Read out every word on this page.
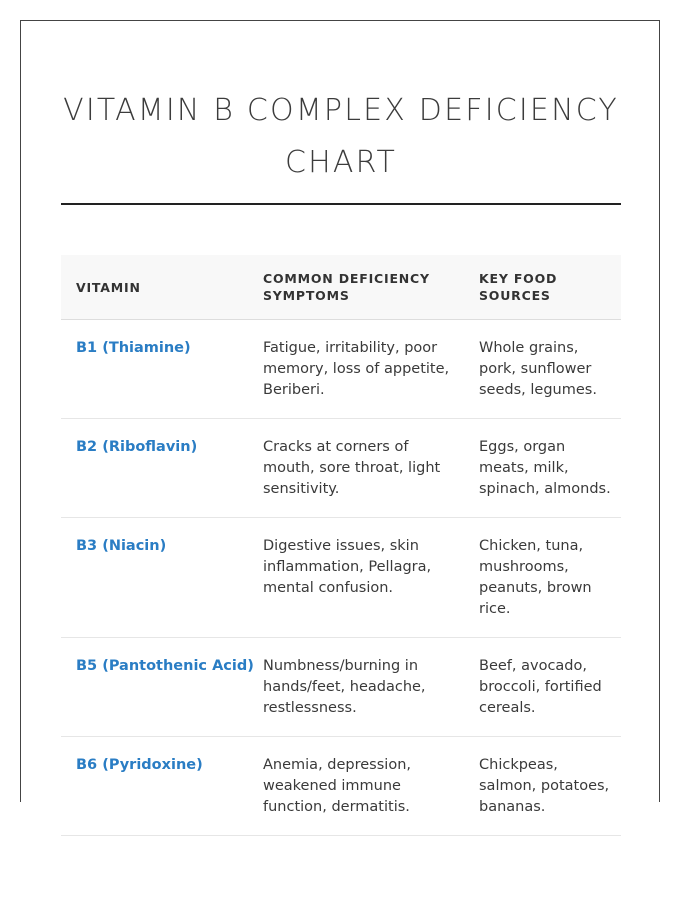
VITAMIN B COMPLEX DEFICIENCY CHART
VITAMIN	COMMON DEFICIENCY SYMPTOMS	KEY FOOD SOURCES
B1 (Thiamine)	Fatigue, irritability, poor memory, loss of appetite, Beriberi.	Whole grains, pork, sunflower seeds, legumes.
B2 (Riboflavin)	Cracks at corners of mouth, sore throat, light sensitivity.	Eggs, organ meats, milk, spinach, almonds.
B3 (Niacin)	Digestive issues, skin inflammation, Pellagra, mental confusion.	Chicken, tuna, mushrooms, peanuts, brown rice.
B5 (Pantothenic Acid)	Numbness/burning in hands/feet, headache, restlessness.	Beef, avocado, broccoli, fortified cereals.
B6 (Pyridoxine)	Anemia, depression, weakened immune function, dermatitis.	Chickpeas, salmon, potatoes, bananas.
